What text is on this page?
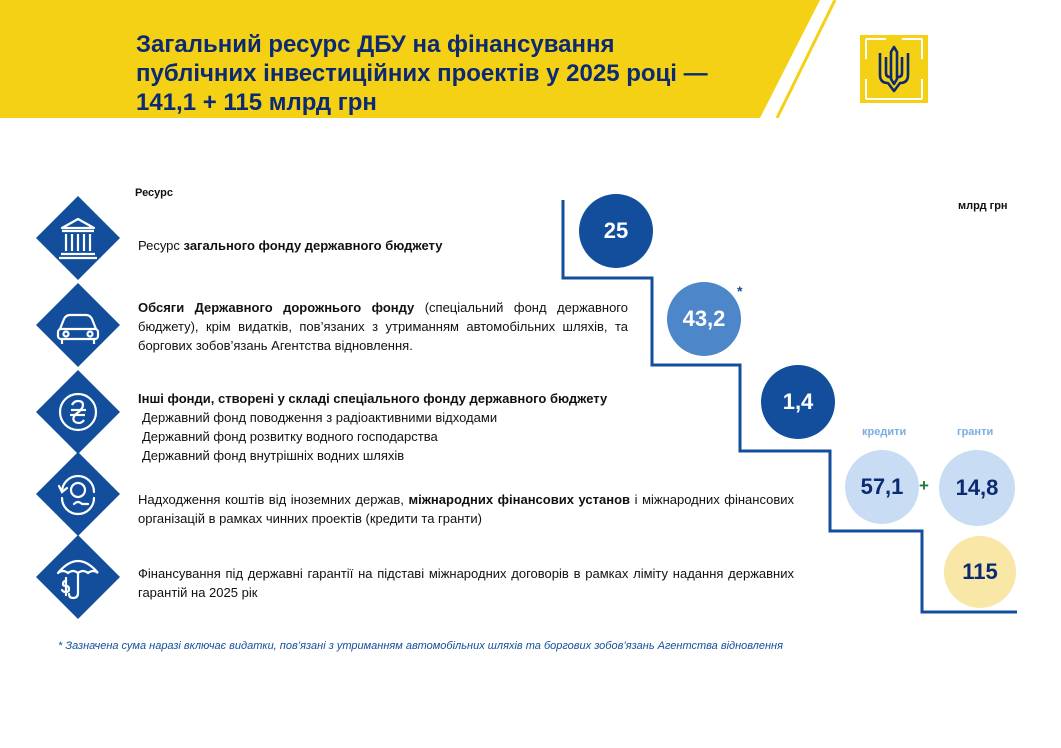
Загальний ресурс ДБУ на фінансування
публічних інвестиційних проектів у 2025 році —
141,1 + 115 млрд грн
Ресурс
млрд грн
Ресурс загального фонду державного бюджету
Обсяги Державного дорожнього фонду (спеціальний фонд державного бюджету), крім видатків, пов’язаних з утриманням автомобільних шляхів, та боргових зобов’язань Агентства відновлення.
Інші фонди, створені у складі спеціального фонду державного бюджету
Державний фонд поводження з радіоактивними відходами
Державний фонд розвитку водного господарства
Державний фонд внутрішніх водних шляхів
Надходження коштів від іноземних держав, міжнародних фінансових установ і міжнародних фінансових організацій в рамках чинних проектів (кредити та гранти)
Фінансування під державні гарантії на підставі міжнародних договорів в рамках ліміту надання державних гарантій на 2025 рік
25
43,2
*
1,4
кредити	гранти
57,1 +	14,8
115
* Зазначена сума наразі включає видатки, пов’язані з утриманням автомобільних шляхів та боргових зобов’язань Агентства відновлення
